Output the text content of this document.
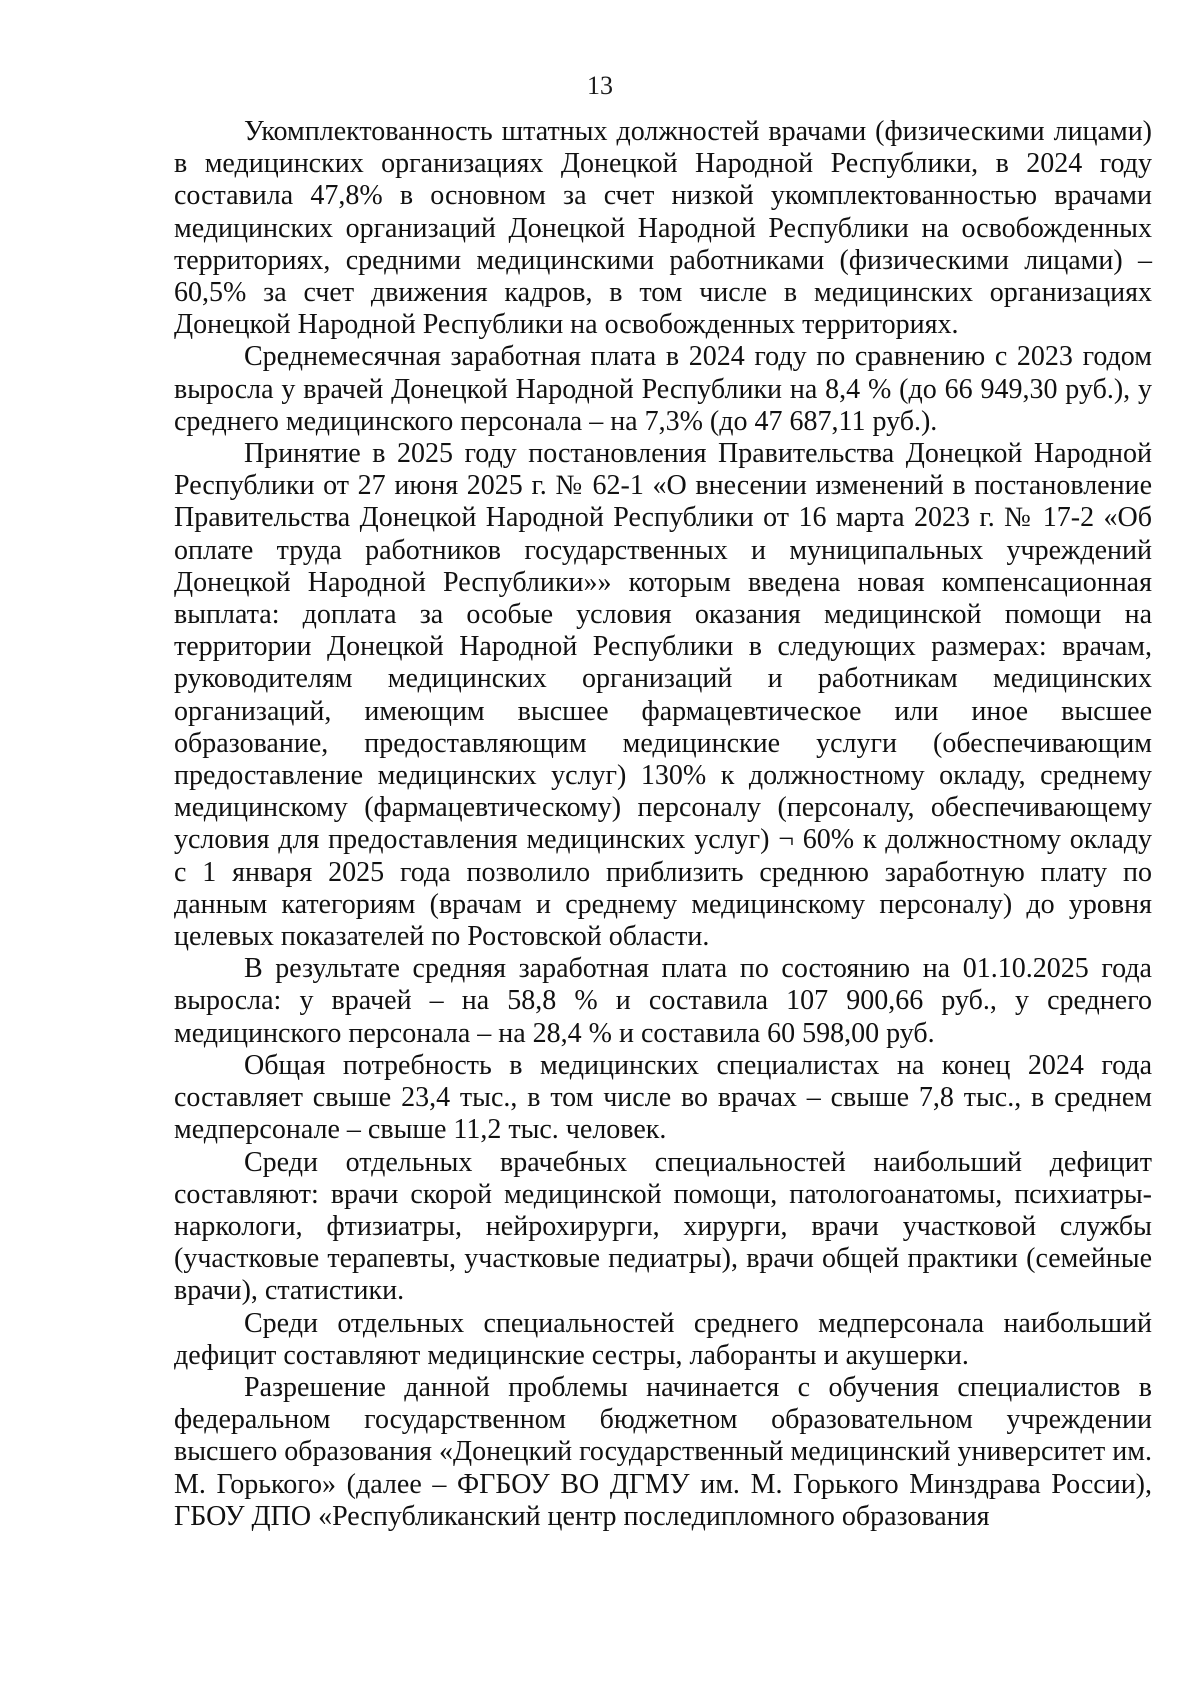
13

Укомплектованность штатных должностей врачами (физическими лицами) в медицинских организациях Донецкой Народной Республики, в 2024 году составила 47,8% в основном за счет низкой укомплектованностью врачами медицинских организаций Донецкой Народной Республики на освобожденных территориях, средними медицинскими работниками (физическими лицами) – 60,5% за счет движения кадров, в том числе в медицинских организациях Донецкой Народной Республики на освобожденных территориях.

Среднемесячная заработная плата в 2024 году по сравнению с 2023 годом выросла у врачей Донецкой Народной Республики на 8,4 % (до 66 949,30 руб.), у среднего медицинского персонала – на 7,3% (до 47 687,11 руб.).

Принятие в 2025 году постановления Правительства Донецкой Народной Республики от 27 июня 2025 г. № 62-1 «О внесении изменений в постановление Правительства Донецкой Народной Республики от 16 марта 2023 г. № 17-2 «Об оплате труда работников государственных и муниципальных учреждений Донецкой Народной Республики»» которым введена новая компенсационная выплата: доплата за особые условия оказания медицинской помощи на территории Донецкой Народной Республики в следующих размерах: врачам, руководителям медицинских организаций и работникам медицинских организаций, имеющим высшее фармацевтическое или иное высшее образование, предоставляющим медицинские услуги (обеспечивающим предоставление медицинских услуг) 130% к должностному окладу, среднему медицинскому (фармацевтическому) персоналу (персоналу, обеспечивающему условия для предоставления медицинских услуг) ¬ 60% к должностному окладу с 1 января 2025 года позволило приблизить среднюю заработную плату по данным категориям (врачам и среднему медицинскому персоналу) до уровня целевых показателей по Ростовской области.

В результате средняя заработная плата по состоянию на 01.10.2025 года выросла: у врачей – на 58,8 % и составила 107 900,66 руб., у среднего медицинского персонала – на 28,4 % и составила 60 598,00 руб.

Общая потребность в медицинских специалистах на конец 2024 года составляет свыше 23,4 тыс., в том числе во врачах – свыше 7,8 тыс., в среднем медперсонале – свыше 11,2 тыс. человек.

Среди отдельных врачебных специальностей наибольший дефицит составляют: врачи скорой медицинской помощи, патологоанатомы, психиатры-наркологи, фтизиатры, нейрохирурги, хирурги, врачи участковой службы (участковые терапевты, участковые педиатры), врачи общей практики (семейные врачи), статистики.

Среди отдельных специальностей среднего медперсонала наибольший дефицит составляют медицинские сестры, лаборанты и акушерки.

Разрешение данной проблемы начинается с обучения специалистов в федеральном государственном бюджетном образовательном учреждении высшего образования «Донецкий государственный медицинский университет им. М. Горького» (далее – ФГБОУ ВО ДГМУ им. М. Горького Минздрава России), ГБОУ ДПО «Республиканский центр последипломного образования
